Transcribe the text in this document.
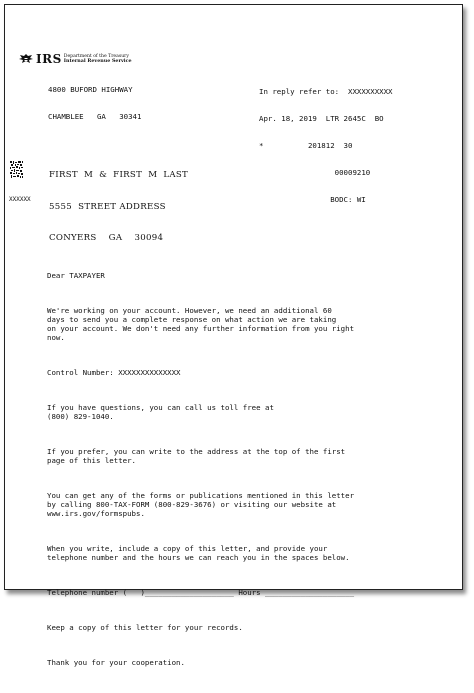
IRS Department of the Treasury
Internal Revenue Service

4800 BUFORD HIGHWAY

CHAMBLEE   GA   30341

In reply refer to:  XXXXXXXXXX

Apr. 18, 2019  LTR 2645C  BO

*          201812  30

00009210

BODC: WI

FIRST  M  &  FIRST  M  LAST

5555  STREET ADDRESS

CONYERS    GA    30094

XXXXXX

Dear TAXPAYER

We're working on your account. However, we need an additional 60
days to send you a complete response on what action we are taking
on your account. We don't need any further information from you right
now.

Control Number: XXXXXXXXXXXXXX

If you have questions, you can call us toll free at
(800) 829-1040.

If you prefer, you can write to the address at the top of the first
page of this letter.

You can get any of the forms or publications mentioned in this letter
by calling 800-TAX-FORM (800-829-3676) or visiting our website at
www.irs.gov/formspubs.

When you write, include a copy of this letter, and provide your
telephone number and the hours we can reach you in the spaces below.

Telephone number (   )____________________ Hours ____________________

Keep a copy of this letter for your records.

Thank you for your cooperation.
